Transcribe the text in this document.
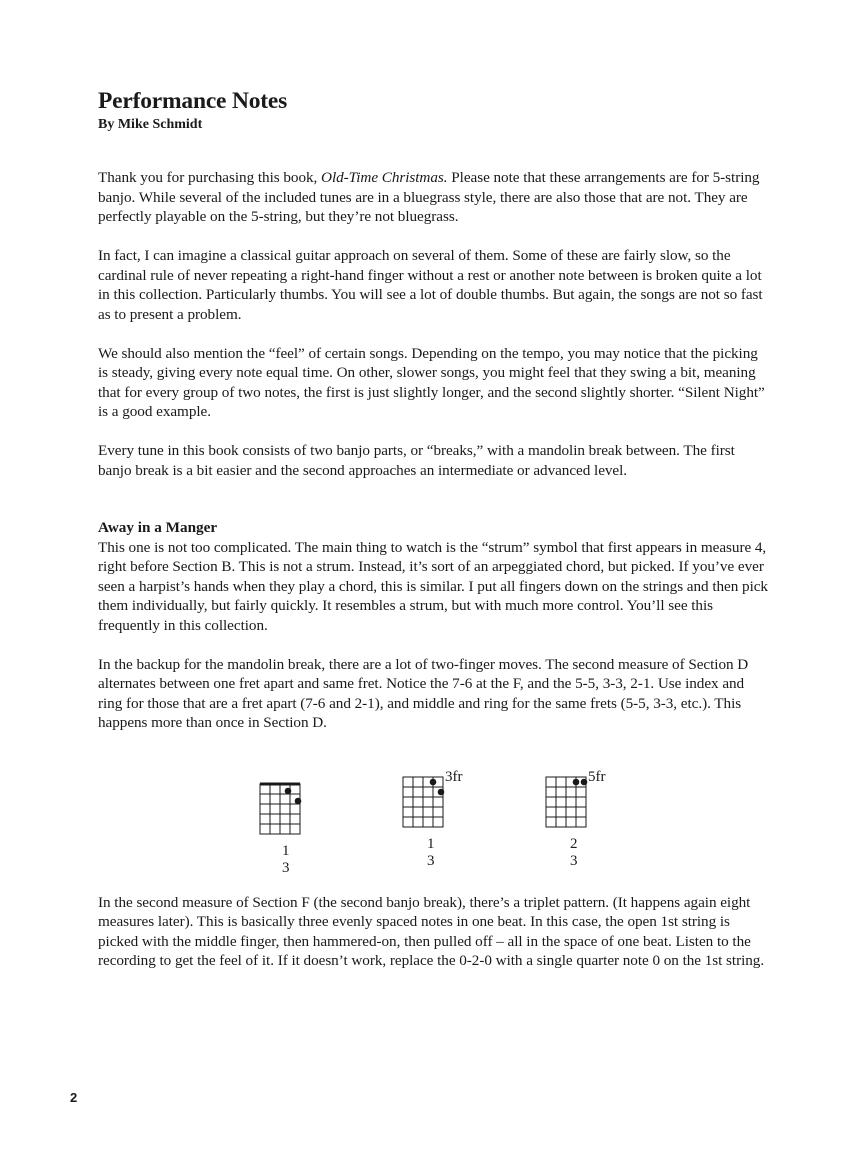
Performance Notes
By Mike Schmidt

Thank you for purchasing this book, Old-Time Christmas. Please note that these arrangements are for 5-string banjo. While several of the included tunes are in a bluegrass style, there are also those that are not. They are perfectly playable on the 5-string, but they’re not bluegrass.

In fact, I can imagine a classical guitar approach on several of them. Some of these are fairly slow, so the cardinal rule of never repeating a right-hand finger without a rest or another note between is broken quite a lot in this collection. Particularly thumbs. You will see a lot of double thumbs. But again, the songs are not so fast as to present a problem.

We should also mention the “feel” of certain songs. Depending on the tempo, you may notice that the picking is steady, giving every note equal time. On other, slower songs, you might feel that they swing a bit, meaning that for every group of two notes, the first is just slightly longer, and the second slightly shorter. “Silent Night” is a good example.

Every tune in this book consists of two banjo parts, or “breaks,” with a mandolin break between. The first banjo break is a bit easier and the second approaches an intermediate or advanced level.

Away in a Manger

This one is not too complicated. The main thing to watch is the “strum” symbol that first appears in measure 4, right before Section B. This is not a strum. Instead, it’s sort of an arpeggiated chord, but picked. If you’ve ever seen a harpist’s hands when they play a chord, this is similar. I put all fingers down on the strings and then pick them individually, but fairly quickly. It resembles a strum, but with much more control. You’ll see this frequently in this collection.

In the backup for the mandolin break, there are a lot of two-finger moves. The second measure of Section D alternates between one fret apart and same fret. Notice the 7-6 at the F, and the 5-5, 3-3, 2-1. Use index and ring for those that are a fret apart (7-6 and 2-1), and middle and ring for the same frets (5-5, 3-3, etc.). This happens more than once in Section D.

1 3
3fr
1 3
5fr
2 3

In the second measure of Section F (the second banjo break), there’s a triplet pattern. (It happens again eight measures later). This is basically three evenly spaced notes in one beat. In this case, the open 1st string is picked with the middle finger, then hammered-on, then pulled off – all in the space of one beat. Listen to the recording to get the feel of it. If it doesn’t work, replace the 0-2-0 with a single quarter note 0 on the 1st string.

2
